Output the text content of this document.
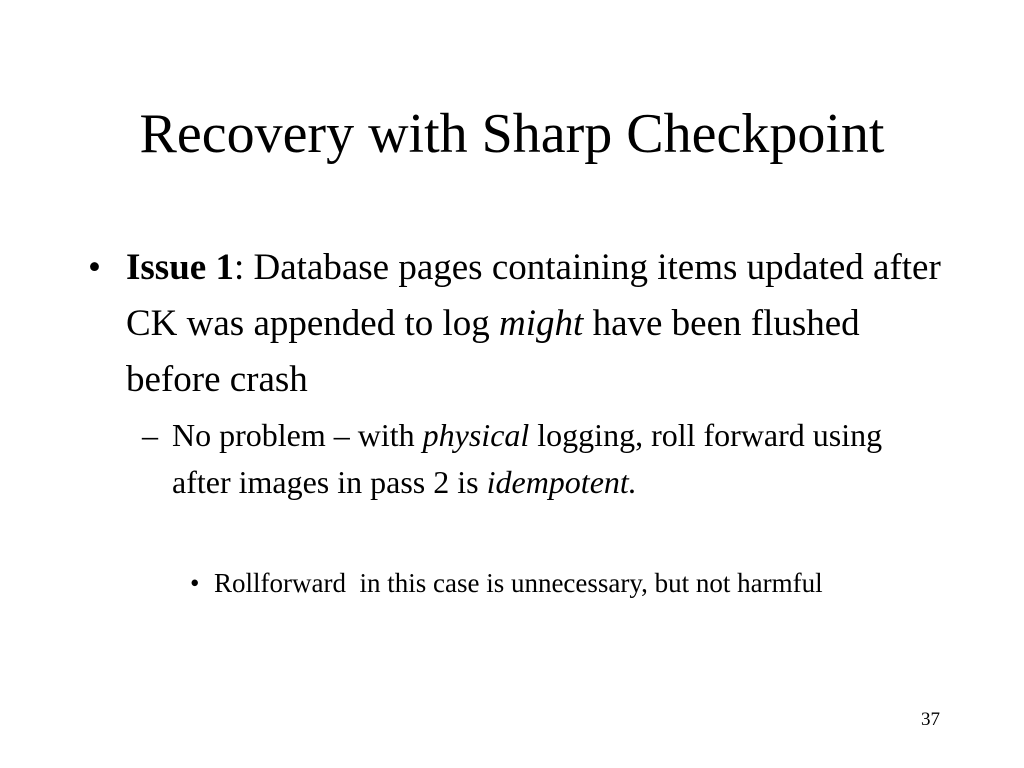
Recovery with Sharp Checkpoint
• Issue 1: Database pages containing items updated after CK was appended to log might have been flushed before crash
– No problem – with physical logging, roll forward using after images in pass 2 is idempotent.
• Rollforward  in this case is unnecessary, but not harmful
37
